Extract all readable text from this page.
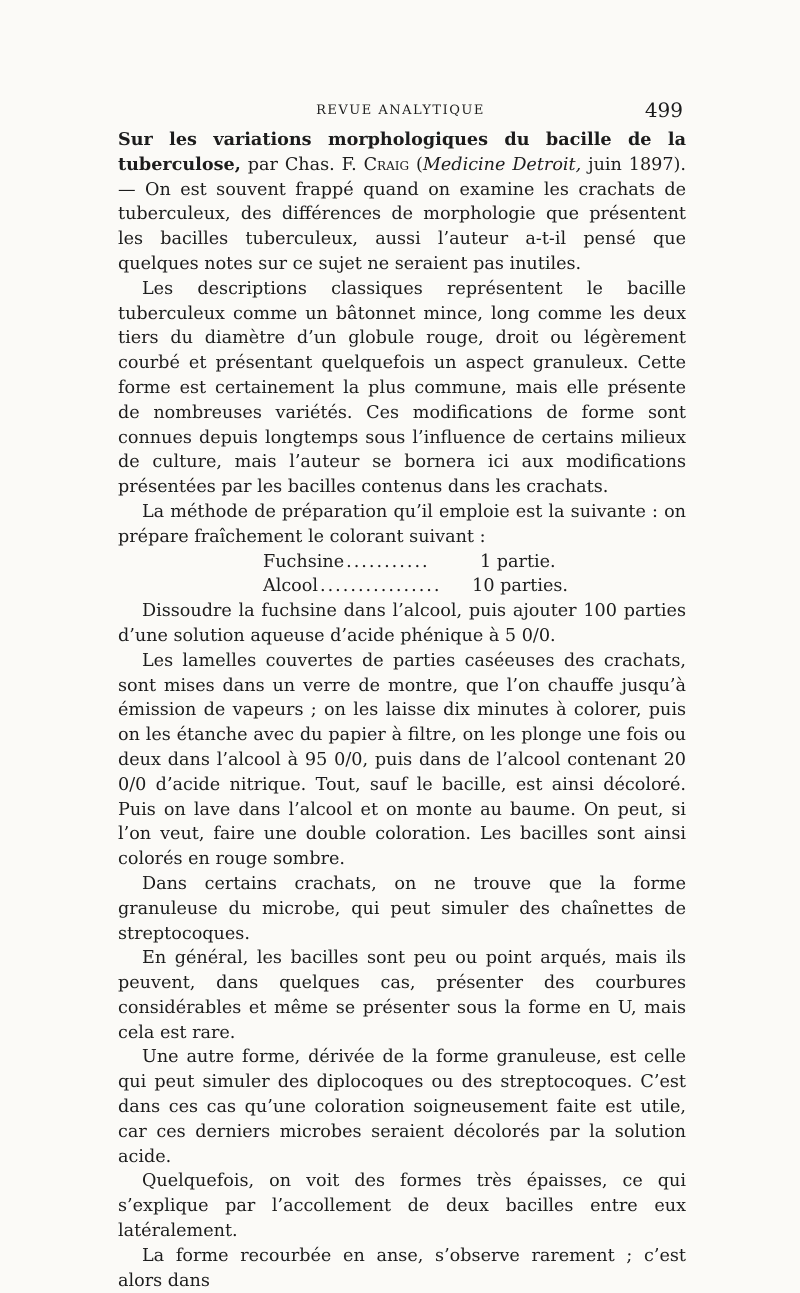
REVUE ANALYTIQUE	499

Sur les variations morphologiques du bacille de la tuberculose, par Chas. F. Craig (Medicine Detroit, juin 1897). — On est souvent frappé quand on examine les crachats de tuberculeux, des différences de morphologie que présentent les bacilles tuberculeux, aussi l’auteur a-t-il pensé que quelques notes sur ce sujet ne seraient pas inutiles.

Les descriptions classiques représentent le bacille tuberculeux comme un bâtonnet mince, long comme les deux tiers du diamètre d’un globule rouge, droit ou légèrement courbé et présentant quelquefois un aspect granuleux. Cette forme est certainement la plus commune, mais elle présente de nombreuses variétés. Ces modifications de forme sont connues depuis longtemps sous l’influence de certains milieux de culture, mais l’auteur se bornera ici aux modifications présentées par les bacilles contenus dans les crachats.

La méthode de préparation qu’il emploie est la suivante : on prépare fraîchement le colorant suivant :

Fuchsine ...........	1 partie.
Alcool ................	10 parties.

Dissoudre la fuchsine dans l’alcool, puis ajouter 100 parties d’une solution aqueuse d’acide phénique à 5 0/0.

Les lamelles couvertes de parties caséeuses des crachats, sont mises dans un verre de montre, que l’on chauffe jusqu’à émission de vapeurs ; on les laisse dix minutes à colorer, puis on les étanche avec du papier à filtre, on les plonge une fois ou deux dans l’alcool à 95 0/0, puis dans de l’alcool contenant 20 0/0 d’acide nitrique. Tout, sauf le bacille, est ainsi décoloré. Puis on lave dans l’alcool et on monte au baume. On peut, si l’on veut, faire une double coloration. Les bacilles sont ainsi colorés en rouge sombre.

Dans certains crachats, on ne trouve que la forme granuleuse du microbe, qui peut simuler des chaînettes de streptocoques.

En général, les bacilles sont peu ou point arqués, mais ils peuvent, dans quelques cas, présenter des courbures considérables et même se présenter sous la forme en U, mais cela est rare.

Une autre forme, dérivée de la forme granuleuse, est celle qui peut simuler des diplocoques ou des streptocoques. C’est dans ces cas qu’une coloration soigneusement faite est utile, car ces derniers microbes seraient décolorés par la solution acide.

Quelquefois, on voit des formes très épaisses, ce qui s’explique par l’accollement de deux bacilles entre eux latéralement.

La forme recourbée en anse, s’observe rarement ; c’est alors dans
